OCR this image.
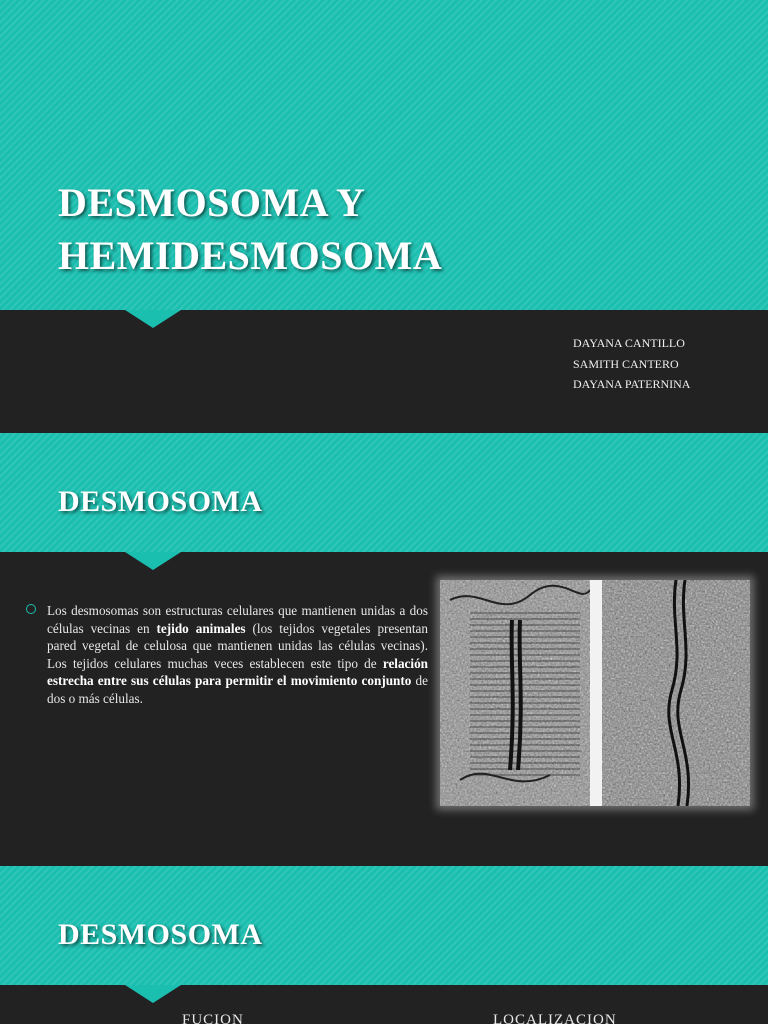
DESMOSOMA Y
HEMIDESMOSOMA
DAYANA CANTILLO
SAMITH CANTERO
DAYANA PATERNINA
DESMOSOMA
Los desmosomas son estructuras celulares que mantienen unidas a dos células vecinas en tejido animales (los tejidos vegetales presentan pared vegetal de celulosa que mantienen unidas las células vecinas). Los tejidos celulares muchas veces establecen este tipo de relación estrecha entre sus células para permitir el movimiento conjunto de dos o más células.
DESMOSOMA
FUCION	LOCALIZACION
